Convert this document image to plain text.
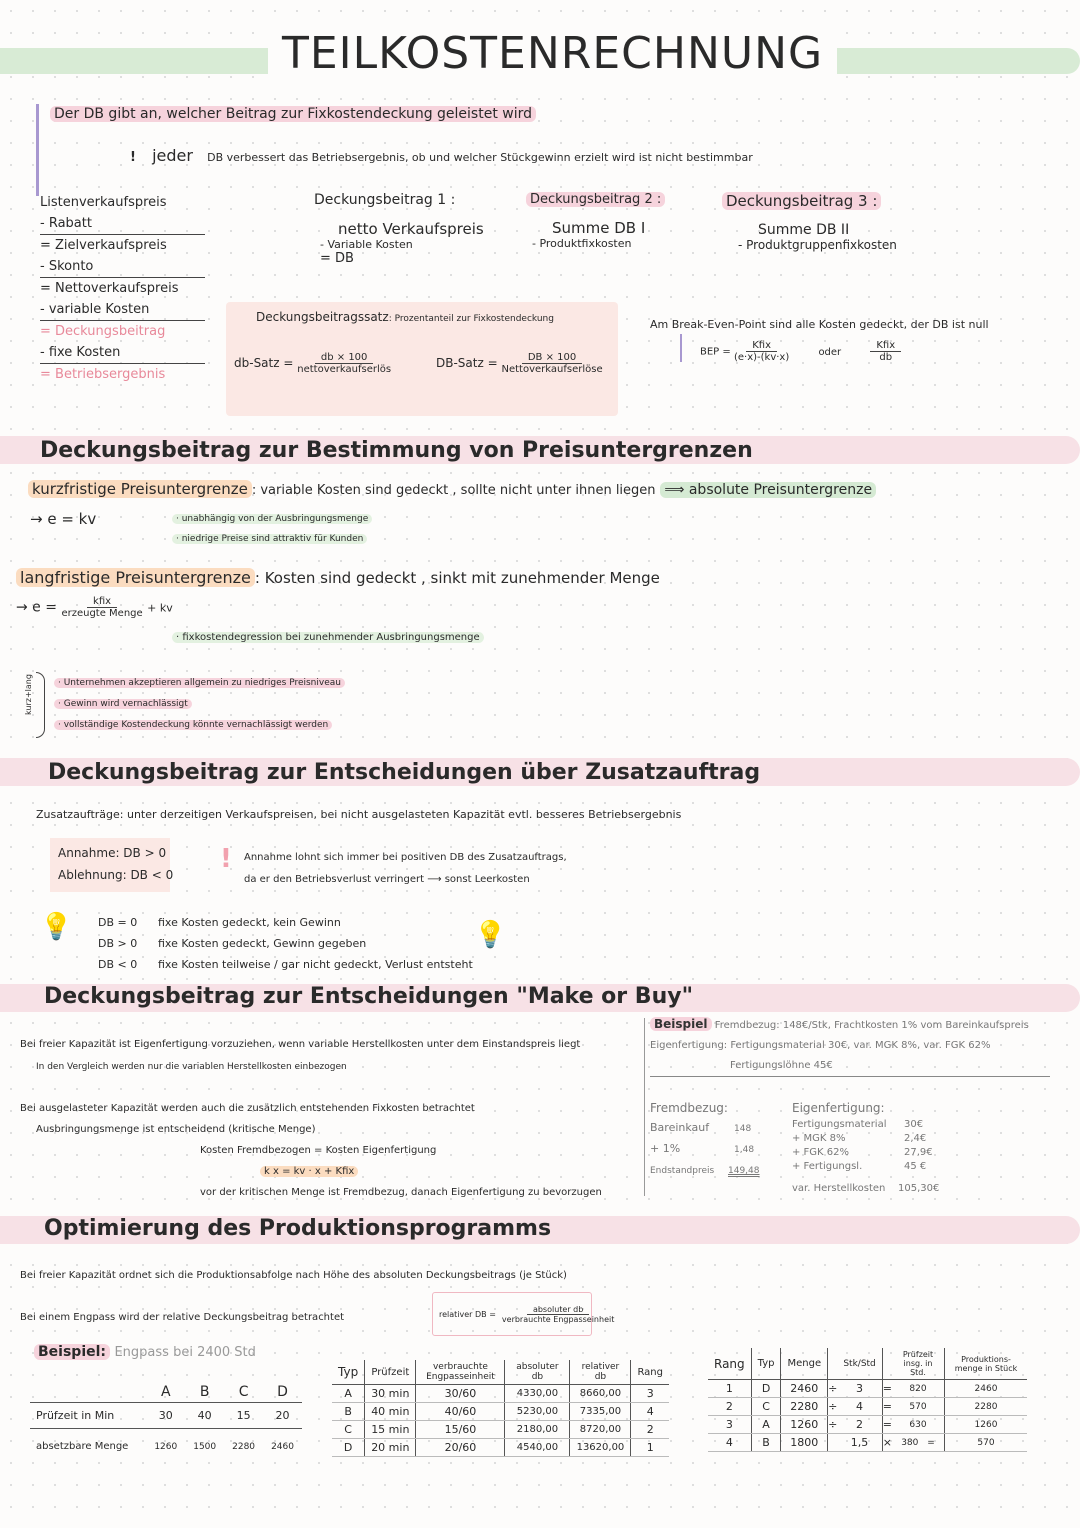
TEILKOSTENRECHNUNG
Der DB gibt an, welcher Beitrag zur Fixkostendeckung geleistet wird
! jeder DB verbessert das Betriebsergebnis, ob und welcher Stückgewinn erzielt wird ist nicht bestimmbar
Listenverkaufspreis
- Rabatt
= Zielverkaufspreis
- Skonto
= Nettoverkaufspreis
- variable Kosten
= Deckungsbeitrag
- fixe Kosten
= Betriebsergebnis
Deckungsbeitrag 1 :
netto Verkaufspreis
- Variable Kosten
= DB
Deckungsbeitrag 2 :
Summe DB I
- Produktfixkosten
Deckungsbeitrag 3 :
Summe DB II
- Produktgruppenfixkosten
Deckungsbeitragssatz: Prozentanteil zur Fixkostendeckung
db-Satz = $\frac{db \times 100}{\text{nettoverkaufserlös}}$	DB-Satz = $\frac{DB \times 100}{\text{Nettoverkaufserlöse}}$
Am Break-Even-Point sind alle Kosten gedeckt, der DB ist null
BEP = $\frac{\text{Kfix}}{(e\cdot x)-(kv\cdot x)}$	oder	$\frac{\text{Kfix}}{db}$
Deckungsbeitrag zur Bestimmung von Preisuntergrenzen
kurzfristige Preisuntergrenze : variable Kosten sind gedeckt , sollte nicht unter ihnen liegen ⟹ absolute Preisuntergrenze
→ e = kv	· unabhängig von der Ausbringungsmenge
· niedrige Preise sind attraktiv für Kunden
langfristige Preisuntergrenze : Kosten sind gedeckt , sinkt mit zunehmender Menge
→ $e = \frac{\text{kfix}}{\text{erzeugte Menge}}$ + kv
· fixkostendegression bei zunehmender Ausbringungsmenge
kurz+lang	· Unternehmen akzeptieren allgemein zu niedriges Preisniveau
· Gewinn wird vernachlässigt
· vollständige Kostendeckung könnte vernachlässigt werden
Deckungsbeitrag zur Entscheidungen über Zusatzauftrag
Zusatzaufträge: unter derzeitigen Verkaufspreisen, bei nicht ausgelasteten Kapazität evtl. besseres Betriebsergebnis
Annahme: DB > 0
Ablehnung: DB < 0
! Annahme lohnt sich immer bei positiven DB des Zusatzauftrags,
da er den Betriebsverlust verringert ⟶ sonst Leerkosten
💡	💡
DB = 0 fixe Kosten gedeckt, kein Gewinn
DB > 0 fixe Kosten gedeckt, Gewinn gegeben
DB < 0 fixe Kosten teilweise / gar nicht gedeckt, Verlust entsteht
Deckungsbeitrag zur Entscheidungen "Make or Buy"
Bei freier Kapazität ist Eigenfertigung vorzuziehen, wenn variable Herstellkosten unter dem Einstandspreis liegt
In den Vergleich werden nur die variablen Herstellkosten einbezogen
Bei ausgelasteter Kapazität werden auch die zusätzlich entstehenden Fixkosten betrachtet
Ausbringungsmenge ist entscheidend (kritische Menge)
Kosten Fremdbezogen = Kosten Eigenfertigung
k x = kv · x + Kfix
vor der kritischen Menge ist Fremdbezug, danach Eigenfertigung zu bevorzugen
Beispiel Fremdbezug: 148€/Stk, Frachtkosten 1% vom Bareinkaufspreis
Eigenfertigung: Fertigungsmaterial 30€, var. MGK 8%, var. FGK 62%
Fertigungslöhne 45€
Fremdbezug:
Bareinkauf	148
+ 1%	1,48
Endstandpreis 149,48
Eigenfertigung:
Fertigungsmaterial 30€
+ MGK 8%	2,4€
+ FGK 62%	27,9€
+ Fertigungsl.	45 €
var. Herstellkosten 105,30€
Optimierung des Produktionsprogramms
Bei freier Kapazität ordnet sich die Produktionsabfolge nach Höhe des absoluten Deckungsbeitrags (je Stück)
Bei einem Engpass wird der relative Deckungsbeitrag betrachtet	relativer DB = $\frac{\text{absoluter db}}{\text{verbrauchte Engpasseinheit}}$
Beispiel: Engpass bei 2400 Std
	A	B	C	D
Prüfzeit in Min	30	40	15	20
absetzbare Menge	1260	1500	2280	2460
Typ	Prüfzeit	verbrauchte Engpasseinheit	absoluter db	relativer db	Rang
A	30 min	30/60	4330,00	8660,00	3
B	40 min	40/60	5230,00	7335,00	4
C	15 min	15/60	2180,00	8720,00	2
D	20 min	20/60	4540,00	13620,00	1
Rang	Typ	Menge		Stk/Std		Prüfzeit insg. in Std.	Produktions-menge in Stück
1	D	2460	÷	3	=	820	2460
2	C	2280	÷	4	=	570	2280
3	A	1260	÷	2	=	630	1260
4	B	1800		1,5	×	380 =	570
